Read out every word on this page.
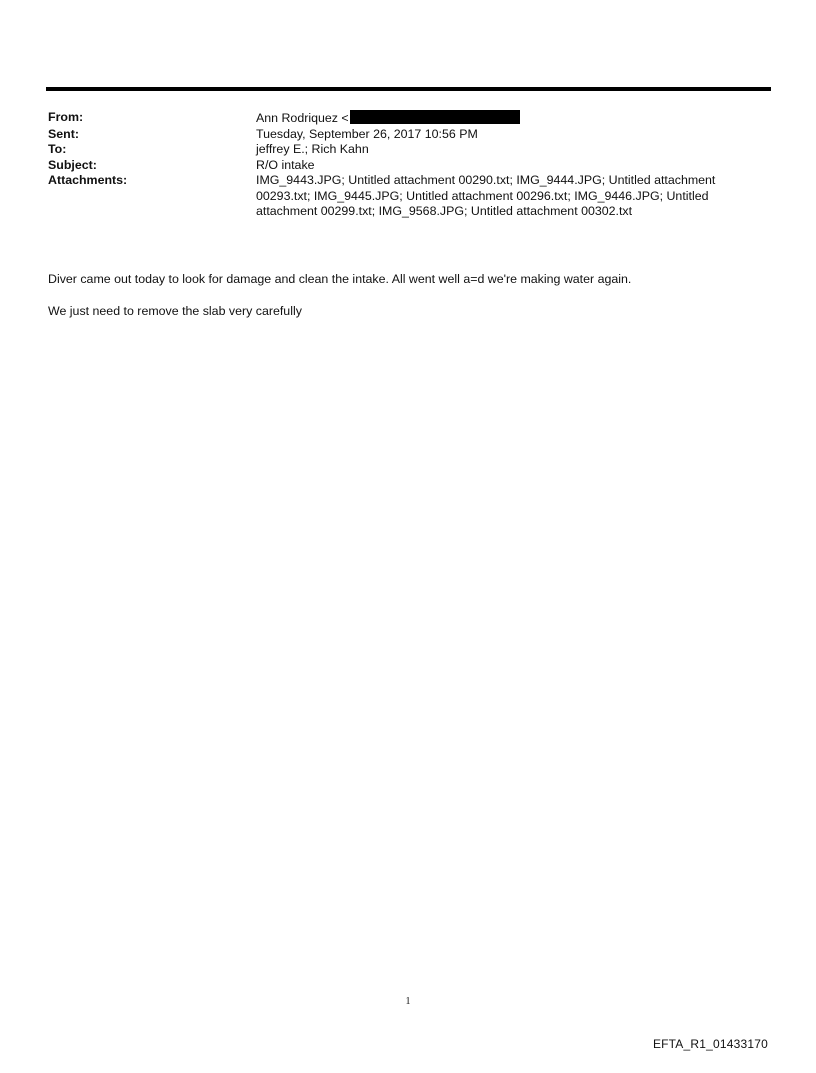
From:	Ann Rodriquez <
Sent:	Tuesday, September 26, 2017 10:56 PM
To:	jeffrey E.; Rich Kahn
Subject:	R/O intake
Attachments:	IMG_9443.JPG; Untitled attachment 00290.txt; IMG_9444.JPG; Untitled attachment 00293.txt; IMG_9445.JPG; Untitled attachment 00296.txt; IMG_9446.JPG; Untitled attachment 00299.txt; IMG_9568.JPG; Untitled attachment 00302.txt

Diver came out today to look for damage and clean the intake. All went well a=d we're making water again.

We just need to remove the slab very carefully

1
EFTA_R1_01433170
